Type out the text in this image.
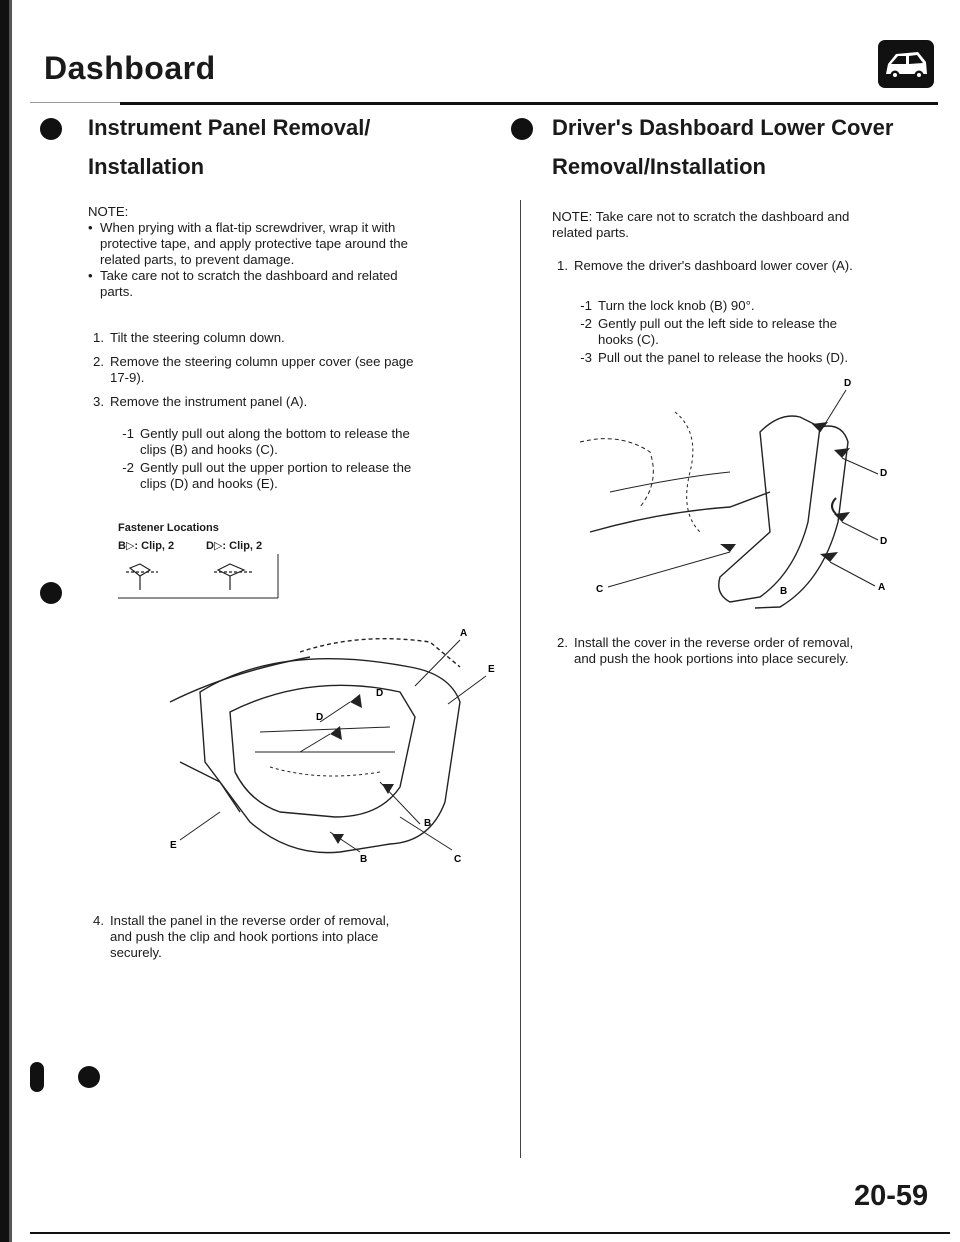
Dashboard
Instrument Panel Removal/
Installation
NOTE:
• When prying with a flat-tip screwdriver, wrap it with
protective tape, and apply protective tape around the
related parts, to prevent damage.
• Take care not to scratch the dashboard and related
parts.
1. Tilt the steering column down.
2. Remove the steering column upper cover (see page
17-9).
3. Remove the instrument panel (A).
-1 Gently pull out along the bottom to release the
clips (B) and hooks (C).
-2 Gently pull out the upper portion to release the
clips (D) and hooks (E).
Fastener Locations
B▷: Clip, 2	D▷: Clip, 2
A
E
D
D
E
B
B	C
4. Install the panel in the reverse order of removal,
and push the clip and hook portions into place
securely.
Driver's Dashboard Lower Cover
Removal/Installation
NOTE: Take care not to scratch the dashboard and
related parts.
1. Remove the driver's dashboard lower cover (A).
-1 Turn the lock knob (B) 90°.
-2 Gently pull out the left side to release the
hooks (C).
-3 Pull out the panel to release the hooks (D).
D
D
D
C	B	A
2. Install the cover in the reverse order of removal,
and push the hook portions into place securely.
20-59
